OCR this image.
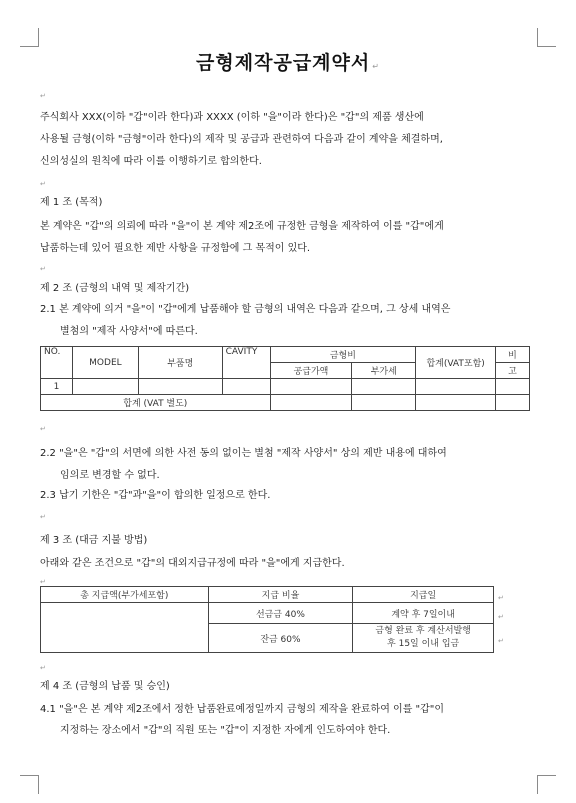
금형제작공급계약서 ↵
↵
주식회사 XXX(이하 "갑"이라 한다)과 XXXX (이하 "을"이라 한다)은 "갑"의 제품 생산에
사용될 금형(이하 "금형"이라 한다)의 제작 및 공급과 관련하여 다음과 같이 계약을 체결하며,
신의성실의 원칙에 따라 이를 이행하기로 합의한다.
↵
제 1 조 (목적)
본 계약은 "갑"의 의뢰에 따라 "을"이 본 계약 제2조에 규정한 금형을 제작하여 이를 "갑"에게
납품하는데 있어 필요한 제반 사항을 규정함에 그 목적이 있다.
↵
제 2 조 (금형의 내역 및 제작기간)
2.1 본 계약에 의거 "을"이 "갑"에게 납품해야 할 금형의 내역은 다음과 같으며, 그 상세 내역은
별첨의 "제작 사양서"에 따른다.
NO.	MODEL	부품명	CAVITY	금형비		합계(VAT포함)	비
				공급가액	부가세		고
1							
합계 (VAT 별도)							
↵
2.2 "을"은 "갑"의 서면에 의한 사전 동의 없이는 별첨 "제작 사양서" 상의 제반 내용에 대하여
임의로 변경할 수 없다.
2.3 납기 기한은 "갑"과"을"이 합의한 일정으로 한다.
↵
제 3 조 (대금 지불 방법)
아래와 같은 조건으로 "갑"의 대외지급규정에 따라 "을"에게 지급한다.
↵
총 지급액(부가세포함)	지급 비율	지급일
	선금금 40%	계약 후 7일이내
	잔금 60%	금형 완료 후 계산서발행
후 15일 이내 입금
↵
↵
↵
↵
제 4 조 (금형의 납품 및 승인)
4.1 "을"은 본 계약 제2조에서 정한 납품완료예정일까지 금형의 제작을 완료하여 이를 "갑"이
지정하는 장소에서 "갑"의 직원 또는 "갑"이 지정한 자에게 인도하여야 한다.
